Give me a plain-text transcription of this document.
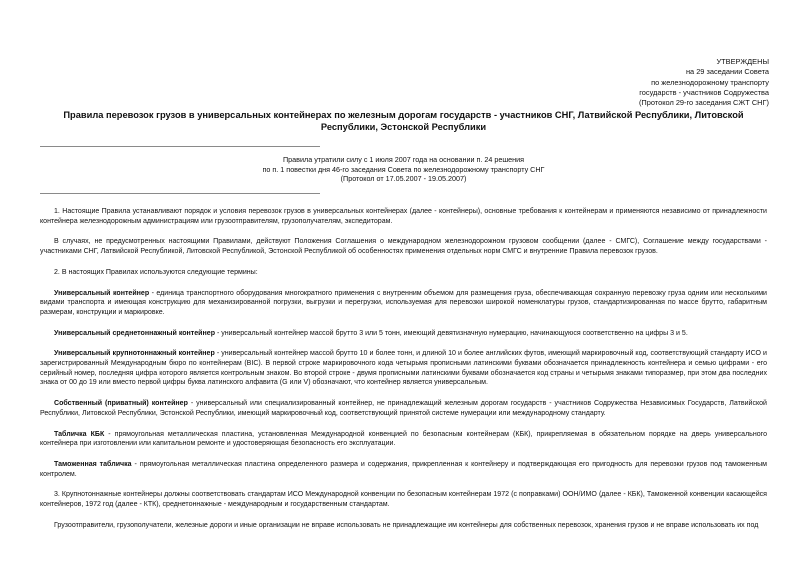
УТВЕРЖДЕНЫ
на 29 заседании Совета
по железнодорожному транспорту
государств - участников Содружества
(Протокол 29-го заседания СЖТ СНГ)
Правила перевозок грузов в универсальных контейнерах по железным дорогам государств - участников СНГ, Латвийской Республики, Литовской Республики, Эстонской Республики
Правила утратили силу с 1 июля 2007 года на основании п. 24 решения
по п. 1 повестки дня 46-го заседания Совета по железнодорожному транспорту СНГ
(Протокол от 17.05.2007 - 19.05.2007)

1. Настоящие Правила устанавливают порядок и условия перевозок грузов в универсальных контейнерах (далее - контейнеры), основные требования к контейнерам и применяются независимо от принадлежности контейнера железнодорожным администрациям или грузоотправителям, грузополучателям, экспедиторам.

В случаях, не предусмотренных настоящими Правилами, действуют Положения Соглашения о международном железнодорожном грузовом сообщении (далее - СМГС), Соглашение между государствами - участниками СНГ, Латвийской Республикой, Литовской Республикой, Эстонской Республикой об особенностях применения отдельных норм СМГС и внутренние Правила перевозок грузов.

2. В настоящих Правилах используются следующие термины:

Универсальный контейнер - единица транспортного оборудования многократного применения с внутренним объемом для размещения груза, обеспечивающая сохранную перевозку груза одним или несколькими видами транспорта и имеющая конструкцию для механизированной погрузки, выгрузки и перегрузки, используемая для перевозки широкой номенклатуры грузов, стандартизированная по массе брутто, габаритным размерам, конструкции и маркировке.

Универсальный среднетоннажный контейнер - универсальный контейнер массой брутто 3 или 5 тонн, имеющий девятизначную нумерацию, начинающуюся соответственно на цифры 3 и 5.

Универсальный крупнотоннажный контейнер - универсальный контейнер массой брутто 10 и более тонн, и длиной 10 и более английских футов, имеющий маркировочный код, соответствующий стандарту ИСО и зарегистрированный Международным бюро по контейнерам (BIC). В первой строке маркировочного кода четырьмя прописными латинскими буквами обозначается принадлежность контейнера и семью цифрами - его серийный номер, последняя цифра которого является контрольным знаком. Во второй строке - двумя прописными латинскими буквами обозначается код страны и четырьмя знаками типоразмер, при этом два последних знака от 00 до 19 или вместо первой цифры буква латинского алфавита (G или V) обозначают, что контейнер является универсальным.

Собственный (приватный) контейнер - универсальный или специализированный контейнер, не принадлежащий железным дорогам государств - участников Содружества Независимых Государств, Латвийской Республики, Литовской Республики, Эстонской Республики, имеющий маркировочный код, соответствующий принятой системе нумерации или международному стандарту.

Табличка КБК - прямоугольная металлическая пластина, установленная Международной конвенцией по безопасным контейнерам (КБК), прикрепляемая в обязательном порядке на дверь универсального контейнера при изготовлении или капитальном ремонте и удостоверяющая безопасность его эксплуатации.

Таможенная табличка - прямоугольная металлическая пластина определенного размера и содержания, прикрепленная к контейнеру и подтверждающая его пригодность для перевозки грузов под таможенным контролем.

3. Крупнотоннажные контейнеры должны соответствовать стандартам ИСО Международной конвенции по безопасным контейнерам 1972 (с поправками) ООН/ИМО (далее - КБК), Таможенной конвенции касающейся контейнеров, 1972 год (далее - КТК), среднетоннажные - международным и государственным стандартам.

Грузоотправители, грузополучатели, железные дороги и иные организации не вправе использовать не принадлежащие им контейнеры для собственных перевозок, хранения грузов и не вправе использовать их под
